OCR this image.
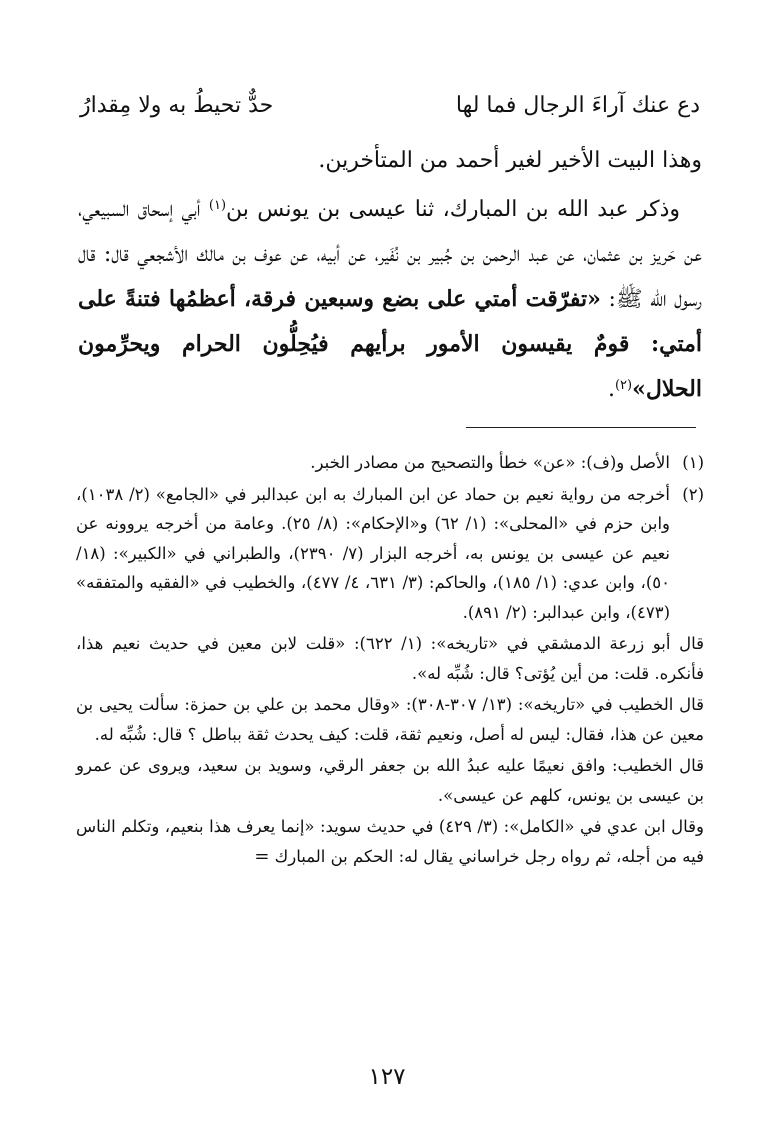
دع عنك آراءَ الرجال فما لها
حدٌّ تحيطُ به ولا مِقدارُ

وهذا البيت الأخير لغير أحمد من المتأخرين.

وذكر عبد الله بن المبارك، ثنا عيسى بن يونس بن$^{(١)}$ أبي إسحاق السبيعي، عن حَريز بن عثمان، عن عبد الرحمن بن جُبير بن نُفَير، عن أبيه، عن عوف بن مالك الأشجعي قال: قال رسول الله ﷺ: «تفرّقت أمتي على بضع وسبعين فرقة، أعظمُها فتنةً على أمتي: قومٌ يقيسون الأمور برأيهم فيُحِلُّون الحرام ويحرِّمون الحلال»$^{(٢)}$.

(١)

الأصل و(ف): «عن» خطأ والتصحيح من مصادر الخبر.

(٢)

أخرجه من رواية نعيم بن حماد عن ابن المبارك به ابن عبدالبر في «الجامع» (٢/ ١٠٣٨)، وابن حزم في «المحلى»: (١/ ٦٢) و«الإحكام»: (٨/ ٢٥). وعامة من أخرجه يروونه عن نعيم عن عيسى بن يونس به، أخرجه البزار (٧/ ٢٣٩٠)، والطبراني في «الكبير»: (١٨/ ٥٠)، وابن عدي: (١/ ١٨٥)، والحاكم: (٣/ ٦٣١، ٤/ ٤٧٧)، والخطيب في «الفقيه والمتفقه» (٤٧٣)، وابن عبدالبر: (٢/ ٨٩١).

قال أبو زرعة الدمشقي في «تاريخه»: (١/ ٦٢٢): «قلت لابن معين في حديث نعيم هذا، فأنكره. قلت: من أين يُؤتى؟ قال: شُبِّه له».

قال الخطيب في «تاريخه»: (١٣/ ٣٠٧-٣٠٨): «وقال محمد بن علي بن حمزة: سألت يحيى بن معين عن هذا، فقال: ليس له أصل، ونعيم ثقة، قلت: كيف يحدث ثقة بباطل ؟ قال: شُبِّه له.

قال الخطيب: وافق نعيمًا عليه عبدُ الله بن جعفر الرقي، وسويد بن سعيد، ويروى عن عمرو بن عيسى بن يونس، كلهم عن عيسى».

وقال ابن عدي في «الكامل»: (٣/ ٤٢٩) في حديث سويد: «إنما يعرف هذا بنعيم، وتكلم الناس فيه من أجله، ثم رواه رجل خراساني يقال له: الحكم بن المبارك =

١٢٧
